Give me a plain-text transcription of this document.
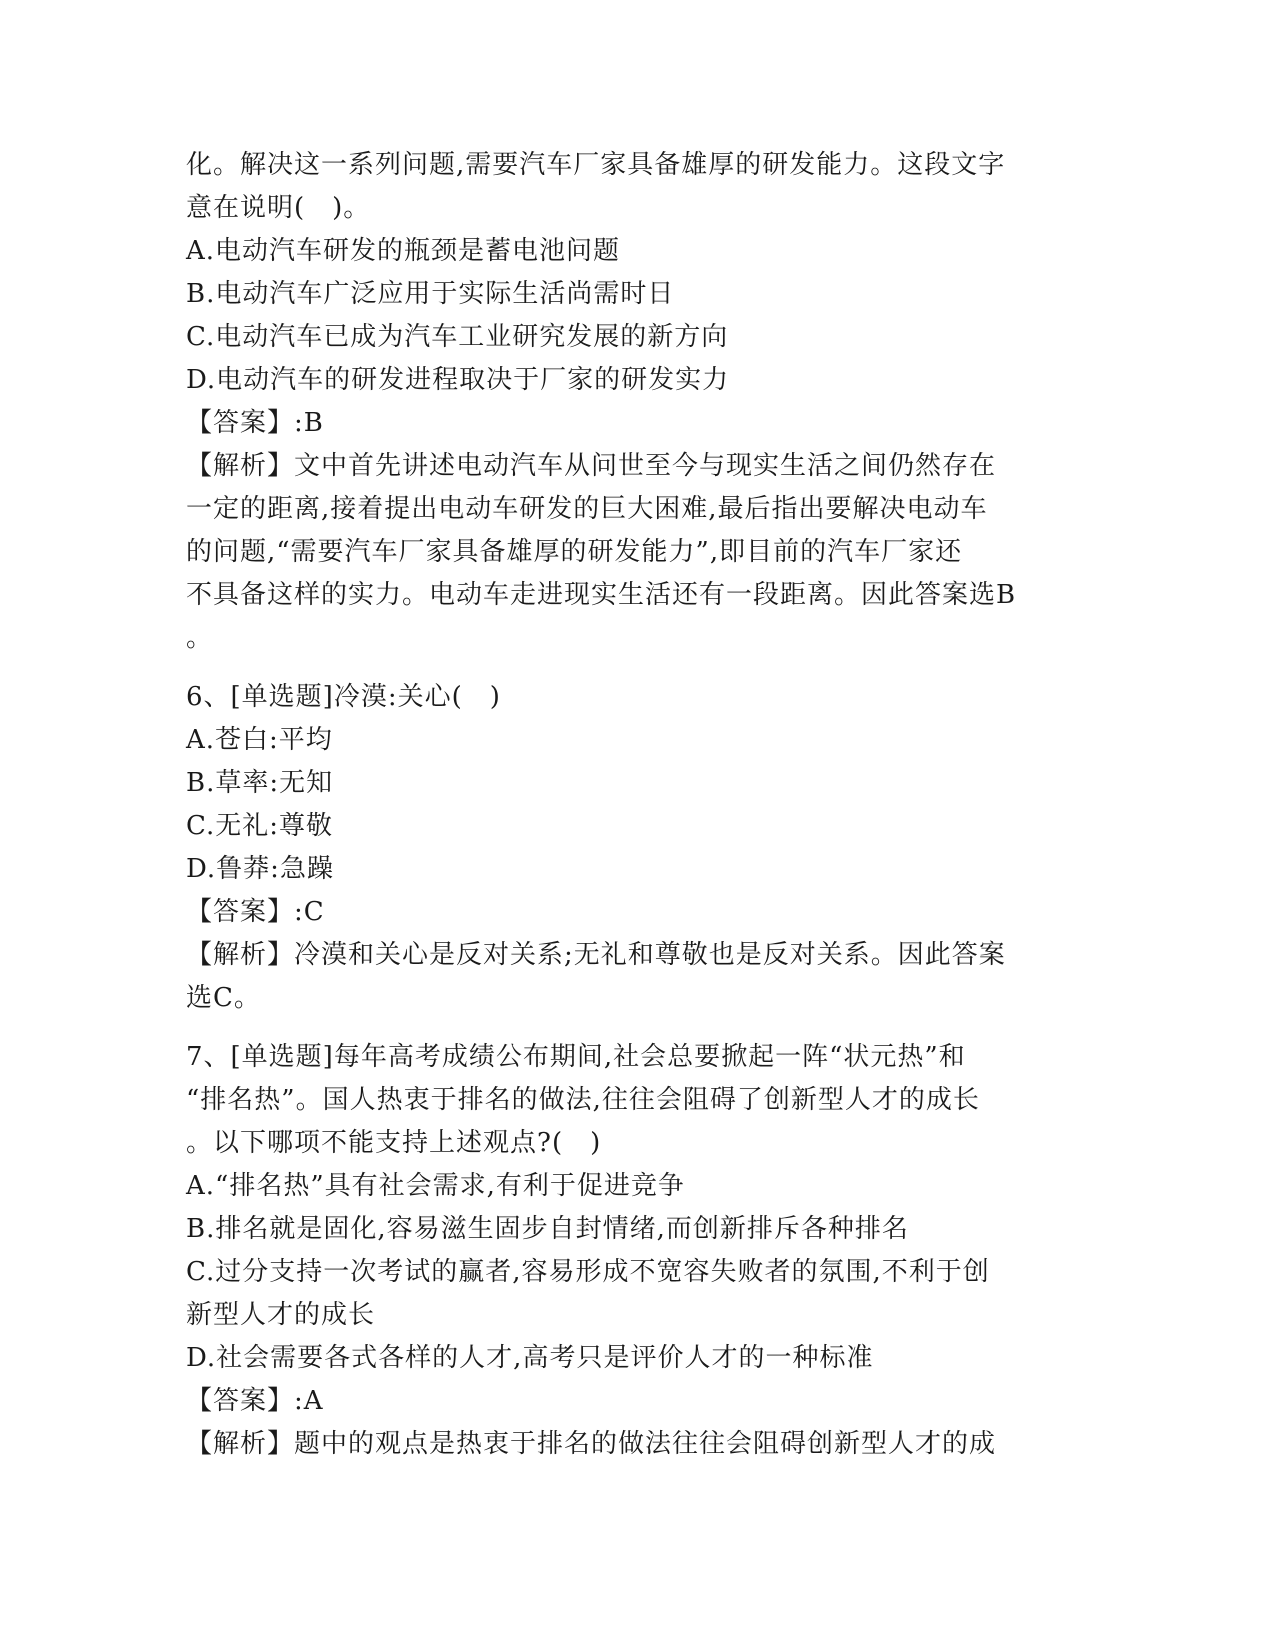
化。解决这一系列问题,需要汽车厂家具备雄厚的研发能力。这段文字
意在说明(　)。
A.电动汽车研发的瓶颈是蓄电池问题
B.电动汽车广泛应用于实际生活尚需时日
C.电动汽车已成为汽车工业研究发展的新方向
D.电动汽车的研发进程取决于厂家的研发实力
【答案】:B
【解析】文中首先讲述电动汽车从问世至今与现实生活之间仍然存在
一定的距离,接着提出电动车研发的巨大困难,最后指出要解决电动车
的问题,“需要汽车厂家具备雄厚的研发能力”,即目前的汽车厂家还
不具备这样的实力。电动车走进现实生活还有一段距离。因此答案选B
。
6、[单选题]冷漠:关心(　)
A.苍白:平均
B.草率:无知
C.无礼:尊敬
D.鲁莽:急躁
【答案】:C
【解析】冷漠和关心是反对关系;无礼和尊敬也是反对关系。因此答案
选C。
7、[单选题]每年高考成绩公布期间,社会总要掀起一阵“状元热”和
“排名热”。国人热衷于排名的做法,往往会阻碍了创新型人才的成长
。以下哪项不能支持上述观点?(　)
A.“排名热”具有社会需求,有利于促进竞争
B.排名就是固化,容易滋生固步自封情绪,而创新排斥各种排名
C.过分支持一次考试的赢者,容易形成不宽容失败者的氛围,不利于创
新型人才的成长
D.社会需要各式各样的人才,高考只是评价人才的一种标准
【答案】:A
【解析】题中的观点是热衷于排名的做法往往会阻碍创新型人才的成
